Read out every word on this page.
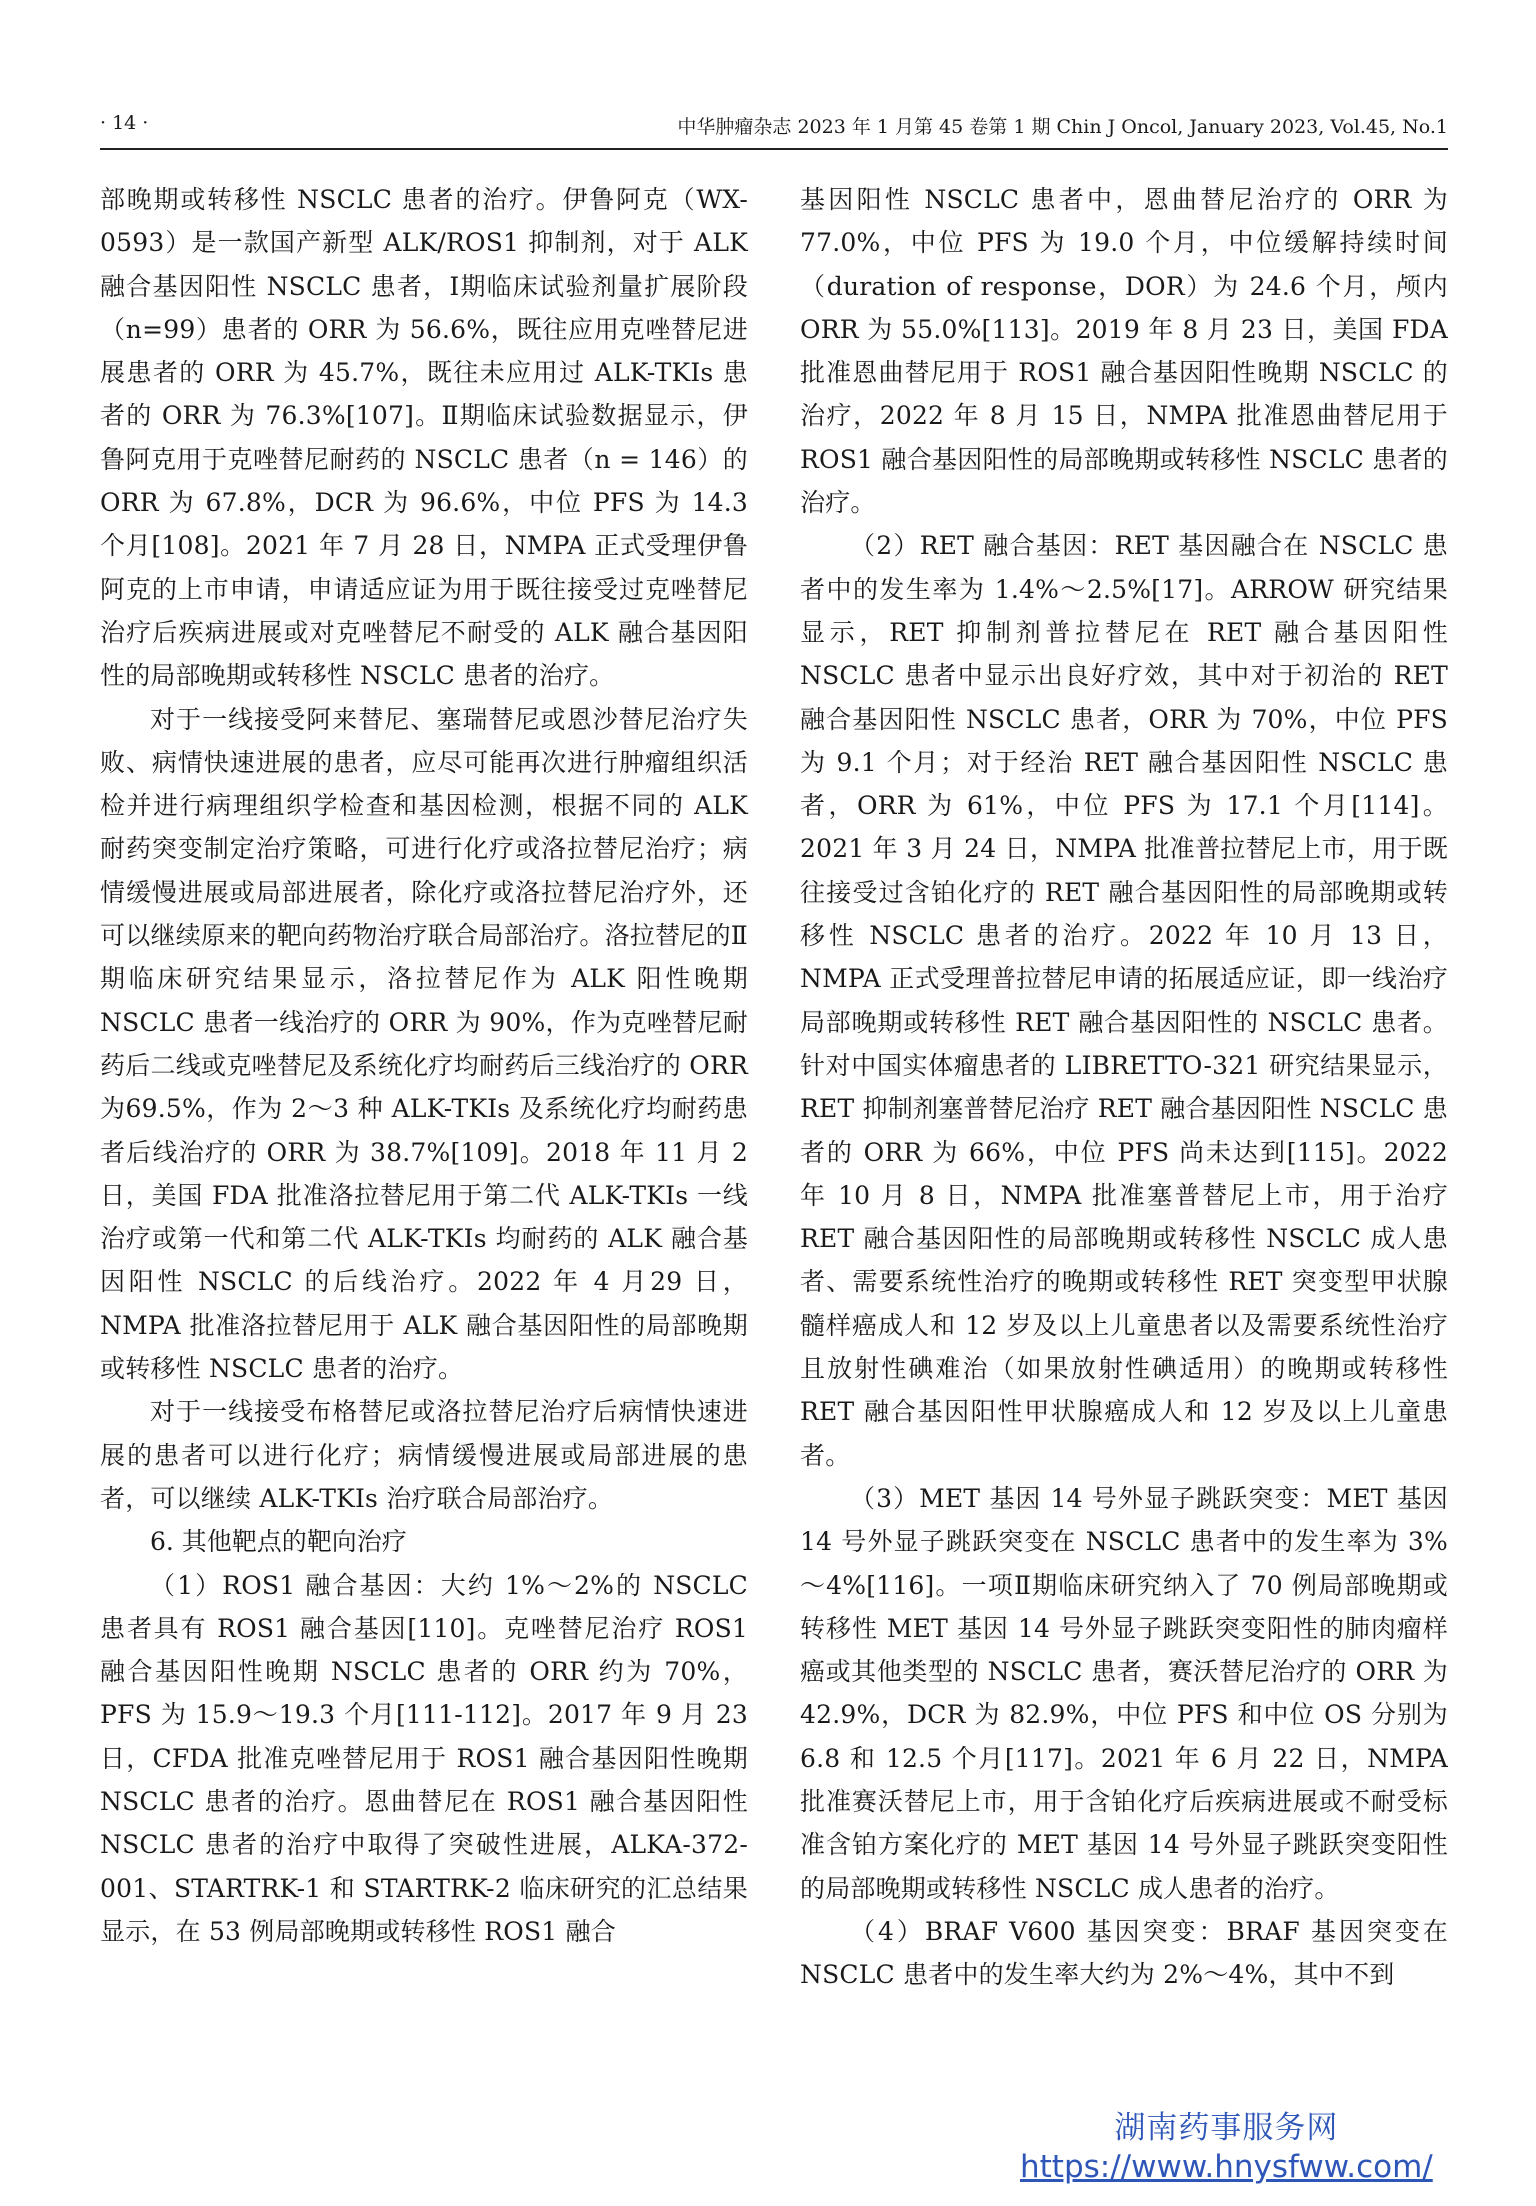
· 14 ·	中华肿瘤杂志 2023 年 1 月第 45 卷第 1 期 Chin J Oncol, January 2023, Vol.45, No.1

部晚期或转移性 NSCLC 患者的治疗。伊鲁阿克（WX-0593）是一款国产新型 ALK/ROS1 抑制剂，对于 ALK 融合基因阳性 NSCLC 患者，Ⅰ期临床试验剂量扩展阶段（n=99）患者的 ORR 为 56.6%，既往应用克唑替尼进展患者的 ORR 为 45.7%，既往未应用过 ALK-TKIs 患者的 ORR 为 76.3%[107]。Ⅱ期临床试验数据显示，伊鲁阿克用于克唑替尼耐药的 NSCLC 患者（n = 146）的 ORR 为 67.8%，DCR 为 96.6%，中位 PFS 为 14.3 个月[108]。2021 年 7 月 28 日，NMPA 正式受理伊鲁阿克的上市申请，申请适应证为用于既往接受过克唑替尼治疗后疾病进展或对克唑替尼不耐受的 ALK 融合基因阳性的局部晚期或转移性 NSCLC 患者的治疗。

对于一线接受阿来替尼、塞瑞替尼或恩沙替尼治疗失败、病情快速进展的患者，应尽可能再次进行肿瘤组织活检并进行病理组织学检查和基因检测，根据不同的 ALK 耐药突变制定治疗策略，可进行化疗或洛拉替尼治疗；病情缓慢进展或局部进展者，除化疗或洛拉替尼治疗外，还可以继续原来的靶向药物治疗联合局部治疗。洛拉替尼的Ⅱ期临床研究结果显示，洛拉替尼作为 ALK 阳性晚期 NSCLC 患者一线治疗的 ORR 为 90%，作为克唑替尼耐药后二线或克唑替尼及系统化疗均耐药后三线治疗的 ORR 为69.5%，作为 2～3 种 ALK-TKIs 及系统化疗均耐药患者后线治疗的 ORR 为 38.7%[109]。2018 年 11 月 2 日，美国 FDA 批准洛拉替尼用于第二代 ALK-TKIs 一线治疗或第一代和第二代 ALK-TKIs 均耐药的 ALK 融合基因阳性 NSCLC 的后线治疗。2022 年 4 月29 日，NMPA 批准洛拉替尼用于 ALK 融合基因阳性的局部晚期或转移性 NSCLC 患者的治疗。

对于一线接受布格替尼或洛拉替尼治疗后病情快速进展的患者可以进行化疗；病情缓慢进展或局部进展的患者，可以继续 ALK-TKIs 治疗联合局部治疗。

6. 其他靶点的靶向治疗

（1）ROS1 融合基因：大约 1%～2%的 NSCLC 患者具有 ROS1 融合基因[110]。克唑替尼治疗 ROS1 融合基因阳性晚期 NSCLC 患者的 ORR 约为 70%，PFS 为 15.9～19.3 个月[111-112]。2017 年 9 月 23 日，CFDA 批准克唑替尼用于 ROS1 融合基因阳性晚期 NSCLC 患者的治疗。恩曲替尼在 ROS1 融合基因阳性 NSCLC 患者的治疗中取得了突破性进展，ALKA-372-001、STARTRK-1 和 STARTRK-2 临床研究的汇总结果显示，在 53 例局部晚期或转移性 ROS1 融合

基因阳性 NSCLC 患者中，恩曲替尼治疗的 ORR 为 77.0%，中位 PFS 为 19.0 个月，中位缓解持续时间（duration of response，DOR）为 24.6 个月，颅内 ORR 为 55.0%[113]。2019 年 8 月 23 日，美国 FDA 批准恩曲替尼用于 ROS1 融合基因阳性晚期 NSCLC 的治疗，2022 年 8 月 15 日，NMPA 批准恩曲替尼用于 ROS1 融合基因阳性的局部晚期或转移性 NSCLC 患者的治疗。

（2）RET 融合基因：RET 基因融合在 NSCLC 患者中的发生率为 1.4%～2.5%[17]。ARROW 研究结果显示，RET 抑制剂普拉替尼在 RET 融合基因阳性 NSCLC 患者中显示出良好疗效，其中对于初治的 RET 融合基因阳性 NSCLC 患者，ORR 为 70%，中位 PFS 为 9.1 个月；对于经治 RET 融合基因阳性 NSCLC 患者，ORR 为 61%，中位 PFS 为 17.1 个月[114]。2021 年 3 月 24 日，NMPA 批准普拉替尼上市，用于既往接受过含铂化疗的 RET 融合基因阳性的局部晚期或转移性 NSCLC 患者的治疗。2022 年 10 月 13 日，NMPA 正式受理普拉替尼申请的拓展适应证，即一线治疗局部晚期或转移性 RET 融合基因阳性的 NSCLC 患者。针对中国实体瘤患者的 LIBRETTO-321 研究结果显示，RET 抑制剂塞普替尼治疗 RET 融合基因阳性 NSCLC 患者的 ORR 为 66%，中位 PFS 尚未达到[115]。2022 年 10 月 8 日，NMPA 批准塞普替尼上市，用于治疗 RET 融合基因阳性的局部晚期或转移性 NSCLC 成人患者、需要系统性治疗的晚期或转移性 RET 突变型甲状腺髓样癌成人和 12 岁及以上儿童患者以及需要系统性治疗且放射性碘难治（如果放射性碘适用）的晚期或转移性 RET 融合基因阳性甲状腺癌成人和 12 岁及以上儿童患者。

（3）MET 基因 14 号外显子跳跃突变：MET 基因 14 号外显子跳跃突变在 NSCLC 患者中的发生率为 3%～4%[116]。一项Ⅱ期临床研究纳入了 70 例局部晚期或转移性 MET 基因 14 号外显子跳跃突变阳性的肺肉瘤样癌或其他类型的 NSCLC 患者，赛沃替尼治疗的 ORR 为 42.9%，DCR 为 82.9%，中位 PFS 和中位 OS 分别为 6.8 和 12.5 个月[117]。2021 年 6 月 22 日，NMPA 批准赛沃替尼上市，用于含铂化疗后疾病进展或不耐受标准含铂方案化疗的 MET 基因 14 号外显子跳跃突变阳性的局部晚期或转移性 NSCLC 成人患者的治疗。

（4）BRAF V600 基因突变：BRAF 基因突变在 NSCLC 患者中的发生率大约为 2%～4%，其中不到

湖南药事服务网
https://www.hnysfww.com/
